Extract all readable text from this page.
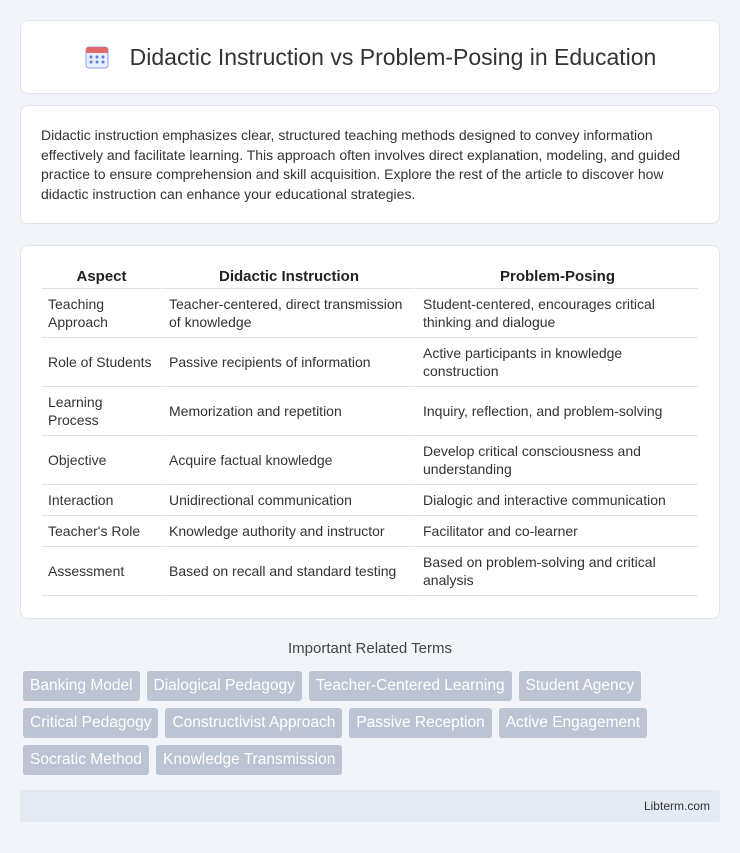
Didactic Instruction vs Problem-Posing in Education

Didactic instruction emphasizes clear, structured teaching methods designed to convey information effectively and facilitate learning. This approach often involves direct explanation, modeling, and guided practice to ensure comprehension and skill acquisition. Explore the rest of the article to discover how didactic instruction can enhance your educational strategies.

Aspect	Didactic Instruction	Problem-Posing
Teaching Approach	Teacher-centered, direct transmission of knowledge	Student-centered, encourages critical thinking and dialogue
Role of Students	Passive recipients of information	Active participants in knowledge construction
Learning Process	Memorization and repetition	Inquiry, reflection, and problem-solving
Objective	Acquire factual knowledge	Develop critical consciousness and understanding
Interaction	Unidirectional communication	Dialogic and interactive communication
Teacher's Role	Knowledge authority and instructor	Facilitator and co-learner
Assessment	Based on recall and standard testing	Based on problem-solving and critical analysis
Important Related Terms
Banking Model	Dialogical Pedagogy	Teacher-Centered Learning	Student Agency
Critical Pedagogy	Constructivist Approach	Passive Reception	Active Engagement
Socratic Method	Knowledge Transmission
Libterm.com
